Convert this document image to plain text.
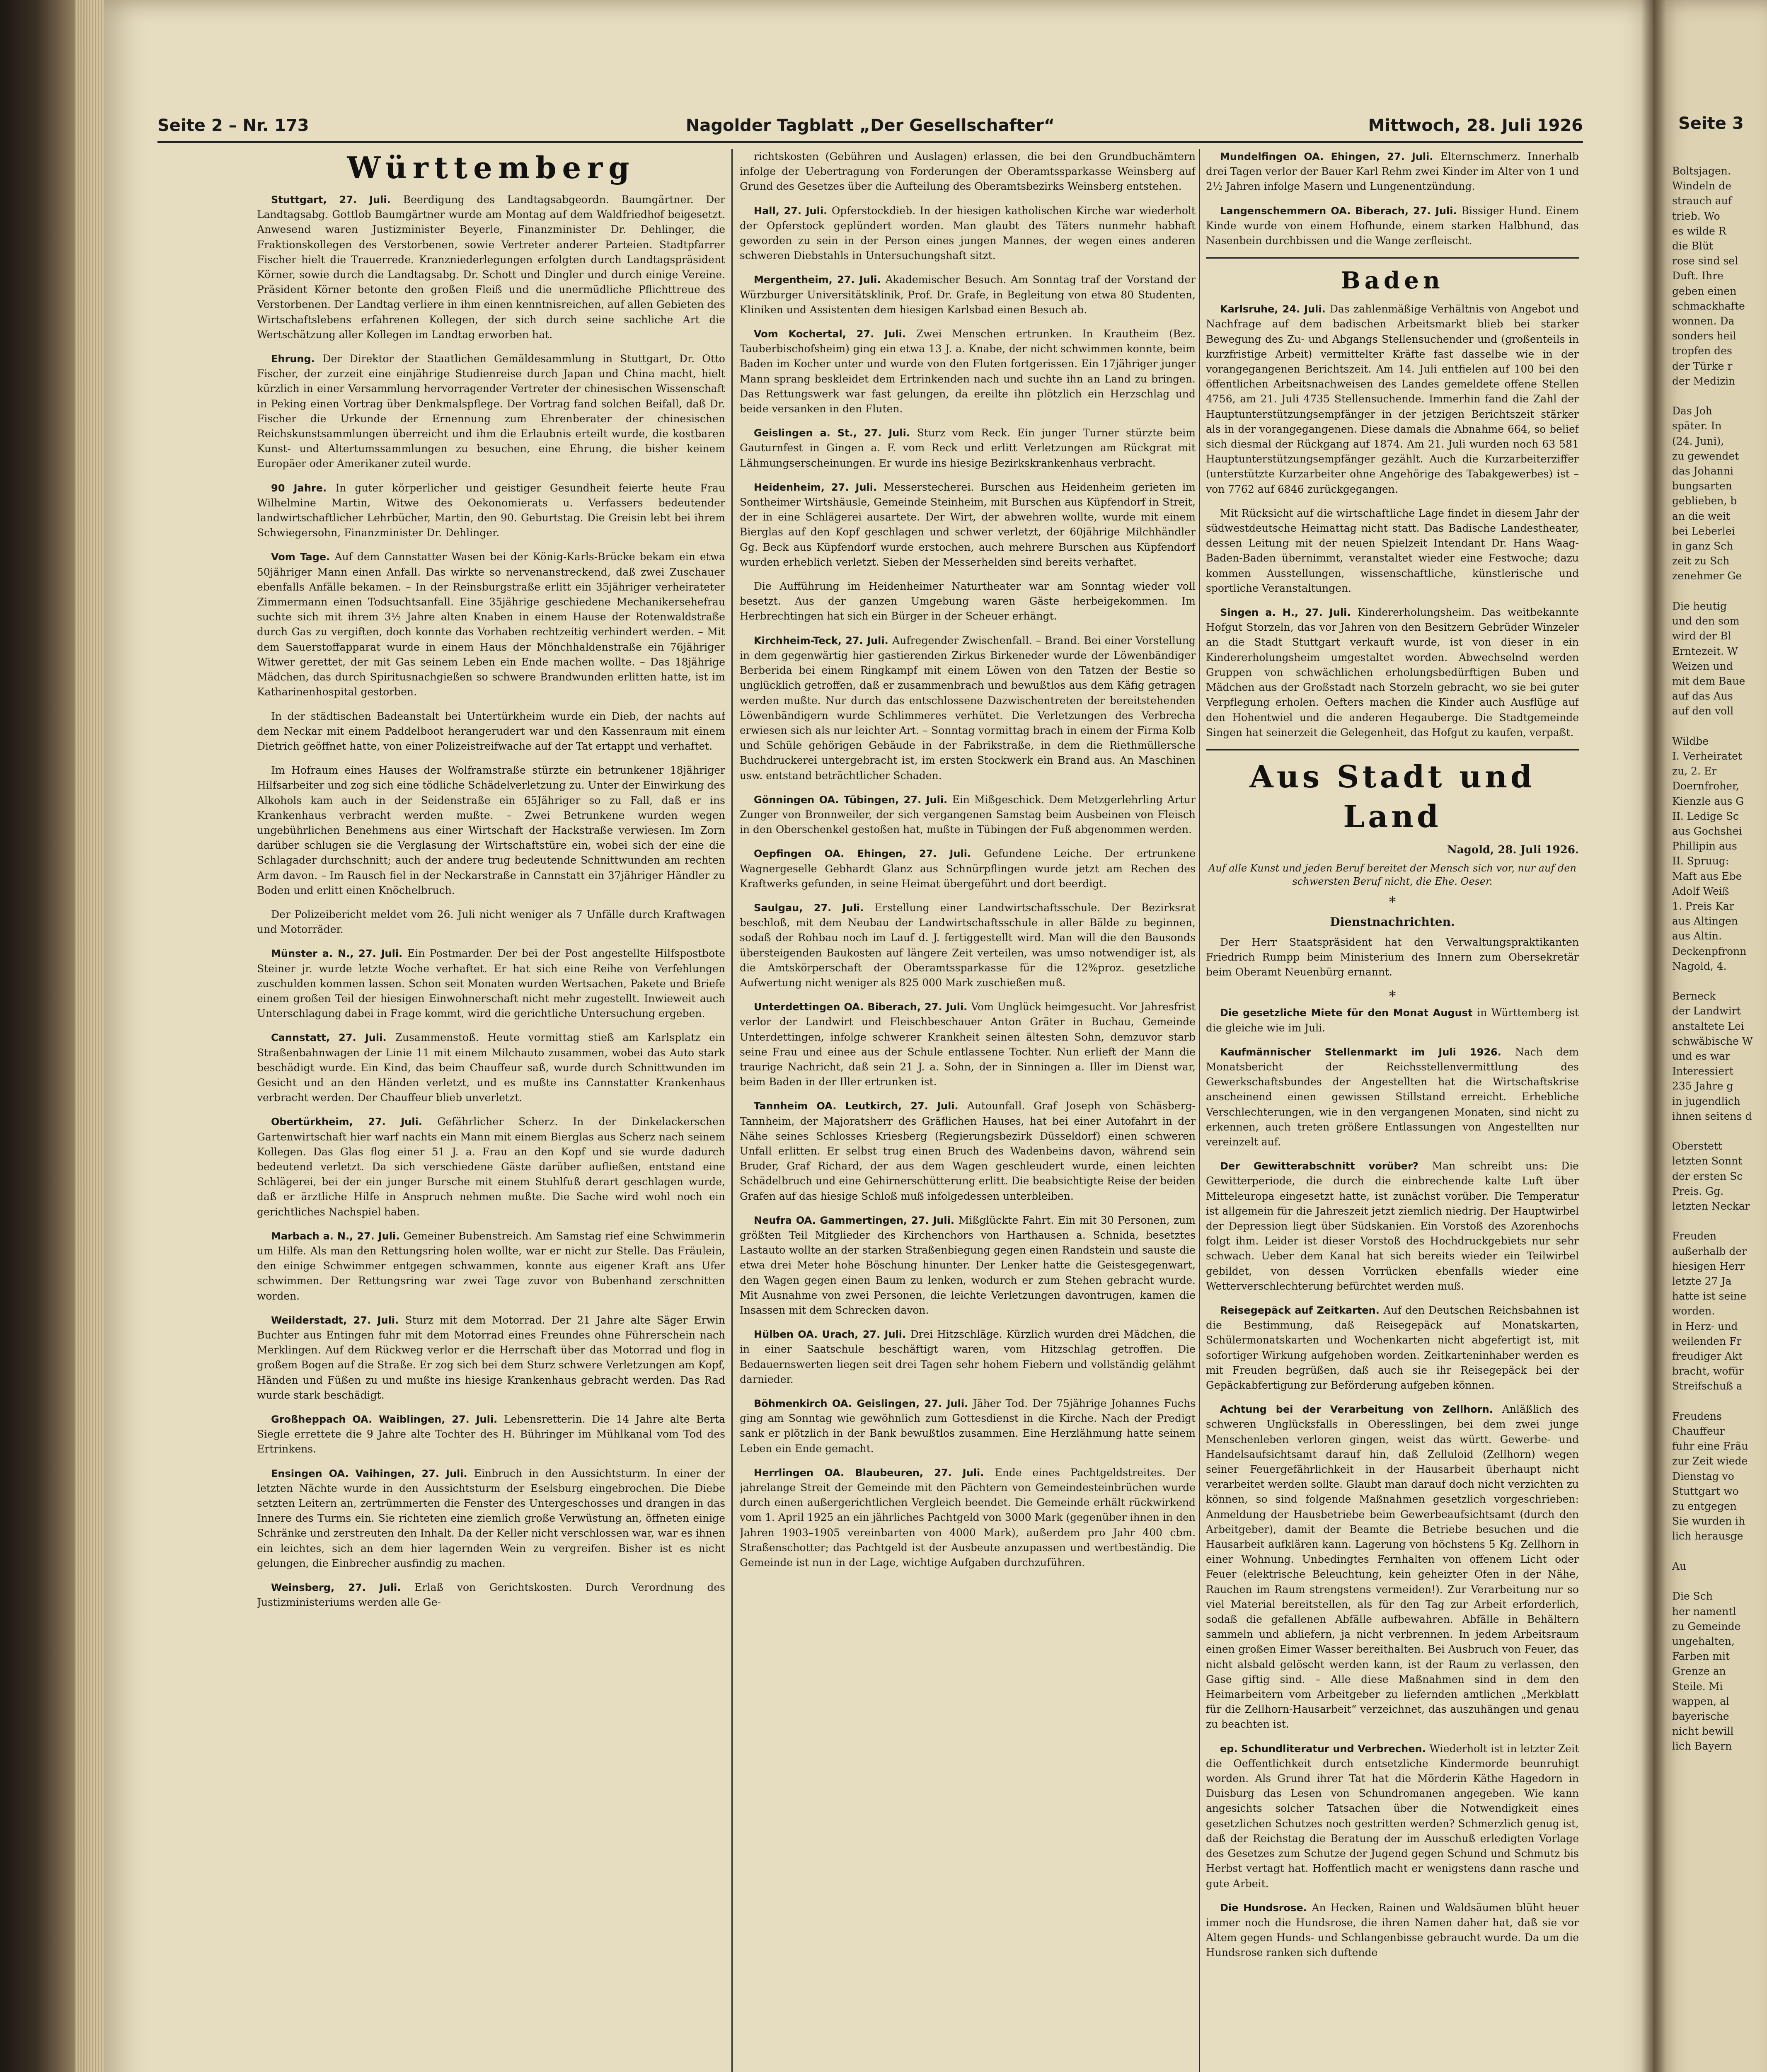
Seite 3
Boltsjagen.
Windeln de
strauch auf
trieb. Wo
es wilde R
die Blüt
rose sind sel
Duft. Ihre
geben einen
schmackhafte
wonnen. Da
sonders heil
tropfen des
der Türke r
der Medizin

Das Joh
später. In
(24. Juni),
zu gewendet
das Johanni
bungsarten
geblieben, b
an die weit
bei Leberlei
in ganz Sch
zeit zu Sch
zenehmer Ge

Die heutig
und den som
wird der Bl
Erntezeit. W
Weizen und
mit dem Baue
auf das Aus
auf den voll

Wildbe
I. Verheiratet
zu, 2. Er
Doernfroher,
Kienzle aus G
II. Ledige Sc
aus Gochshei
Phillipin aus
II. Spruug:
Maft aus Ebe
Adolf Weiß
1. Preis Kar
aus Altingen
aus Altin.
Deckenpfronn
Nagold, 4.

Berneck
der Landwirt
anstaltete Lei
schwäbische W
und es war
Interessiert
235 Jahre g
in jugendlich
ihnen seitens d

Oberstett
letzten Sonnt
der ersten Sc
Preis. Gg.
letzten Neckar

Freuden
außerhalb der
hiesigen Herr
letzte 27 Ja
hatte ist seine
worden.
in Herz- und
weilenden Fr
freudiger Akt
bracht, wofür
Streifschuß a

Freudens
Chauffeur
fuhr eine Fräu
zur Zeit wiede
Dienstag vo
Stuttgart wo
zu entgegen
Sie wurden ih
lich herausge

Au

Die Sch
her namentl
zu Gemeinde
ungehalten,
Farben mit
Grenze an
Steile. Mi
wappen, al
bayerische
nicht bewill
lich Bayern
Seite 2 – Nr. 173	Nagolder Tagblatt „Der Gesellschafter“	Mittwoch, 28. Juli 1926
Württemberg

Stuttgart, 27. Juli. Beerdigung des Landtagsabgeordn. Baumgärtner. Der Landtagsabg. Gottlob Baumgärtner wurde am Montag auf dem Waldfriedhof beigesetzt. Anwesend waren Justizminister Beyerle, Finanzminister Dr. Dehlinger, die Fraktionskollegen des Verstorbenen, sowie Vertreter anderer Parteien. Stadtpfarrer Fischer hielt die Trauerrede. Kranzniederlegungen erfolgten durch Landtagspräsident Körner, sowie durch die Landtagsabg. Dr. Schott und Dingler und durch einige Vereine. Präsident Körner betonte den großen Fleiß und die unermüdliche Pflichttreue des Verstorbenen. Der Landtag verliere in ihm einen kenntnisreichen, auf allen Gebieten des Wirtschaftslebens erfahrenen Kollegen, der sich durch seine sachliche Art die Wertschätzung aller Kollegen im Landtag erworben hat.

Ehrung. Der Direktor der Staatlichen Gemäldesammlung in Stuttgart, Dr. Otto Fischer, der zurzeit eine einjährige Studienreise durch Japan und China macht, hielt kürzlich in einer Versammlung hervorragender Vertreter der chinesischen Wissenschaft in Peking einen Vortrag über Denkmalspflege. Der Vortrag fand solchen Beifall, daß Dr. Fischer die Urkunde der Ernennung zum Ehrenberater der chinesischen Reichskunstsammlungen überreicht und ihm die Erlaubnis erteilt wurde, die kostbaren Kunst- und Altertumssammlungen zu besuchen, eine Ehrung, die bisher keinem Europäer oder Amerikaner zuteil wurde.

90 Jahre. In guter körperlicher und geistiger Gesundheit feierte heute Frau Wilhelmine Martin, Witwe des Oekonomierats u. Verfassers bedeutender landwirtschaftlicher Lehrbücher, Martin, den 90. Geburtstag. Die Greisin lebt bei ihrem Schwiegersohn, Finanzminister Dr. Dehlinger.

Vom Tage. Auf dem Cannstatter Wasen bei der König-Karls-Brücke bekam ein etwa 50jähriger Mann einen Anfall. Das wirkte so nervenanstreckend, daß zwei Zuschauer ebenfalls Anfälle bekamen. – In der Reinsburgstraße erlitt ein 35jähriger verheirateter Zimmermann einen Todsuchtsanfall. Eine 35jährige geschiedene Mechanikersehefrau suchte sich mit ihrem 3½ Jahre alten Knaben in einem Hause der Rotenwaldstraße durch Gas zu vergiften, doch konnte das Vorhaben rechtzeitig verhindert werden. – Mit dem Sauerstoffapparat wurde in einem Haus der Mönchhaldenstraße ein 76jähriger Witwer gerettet, der mit Gas seinem Leben ein Ende machen wollte. – Das 18jährige Mädchen, das durch Spiritusnachgießen so schwere Brandwunden erlitten hatte, ist im Katharinenhospital gestorben.

In der städtischen Badeanstalt bei Untertürkheim wurde ein Dieb, der nachts auf dem Neckar mit einem Paddelboot herangerudert war und den Kassenraum mit einem Dietrich geöffnet hatte, von einer Polizeistreifwache auf der Tat ertappt und verhaftet.

Im Hofraum eines Hauses der Wolframstraße stürzte ein betrunkener 18jähriger Hilfsarbeiter und zog sich eine tödliche Schädelverletzung zu. Unter der Einwirkung des Alkohols kam auch in der Seidenstraße ein 65Jähriger so zu Fall, daß er ins Krankenhaus verbracht werden mußte. – Zwei Betrunkene wurden wegen ungebührlichen Benehmens aus einer Wirtschaft der Hackstraße verwiesen. Im Zorn darüber schlugen sie die Verglasung der Wirtschaftstüre ein, wobei sich der eine die Schlagader durchschnitt; auch der andere trug bedeutende Schnittwunden am rechten Arm davon. – Im Rausch fiel in der Neckarstraße in Cannstatt ein 37jähriger Händler zu Boden und erlitt einen Knöchelbruch.

Der Polizeibericht meldet vom 26. Juli nicht weniger als 7 Unfälle durch Kraftwagen und Motorräder.

Münster a. N., 27. Juli. Ein Postmarder. Der bei der Post angestellte Hilfspostbote Steiner jr. wurde letzte Woche verhaftet. Er hat sich eine Reihe von Verfehlungen zuschulden kommen lassen. Schon seit Monaten wurden Wertsachen, Pakete und Briefe einem großen Teil der hiesigen Einwohnerschaft nicht mehr zugestellt. Inwieweit auch Unterschlagung dabei in Frage kommt, wird die gerichtliche Untersuchung ergeben.

Cannstatt, 27. Juli. Zusammenstoß. Heute vormittag stieß am Karlsplatz ein Straßenbahnwagen der Linie 11 mit einem Milchauto zusammen, wobei das Auto stark beschädigt wurde. Ein Kind, das beim Chauffeur saß, wurde durch Schnittwunden im Gesicht und an den Händen verletzt, und es mußte ins Cannstatter Krankenhaus verbracht werden. Der Chauffeur blieb unverletzt.

Obertürkheim, 27. Juli. Gefährlicher Scherz. In der Dinkelackerschen Gartenwirtschaft hier warf nachts ein Mann mit einem Bierglas aus Scherz nach seinem Kollegen. Das Glas flog einer 51 J. a. Frau an den Kopf und sie wurde dadurch bedeutend verletzt. Da sich verschiedene Gäste darüber aufließen, entstand eine Schlägerei, bei der ein junger Bursche mit einem Stuhlfuß derart geschlagen wurde, daß er ärztliche Hilfe in Anspruch nehmen mußte. Die Sache wird wohl noch ein gerichtliches Nachspiel haben.

Marbach a. N., 27. Juli. Gemeiner Bubenstreich. Am Samstag rief eine Schwimmerin um Hilfe. Als man den Rettungsring holen wollte, war er nicht zur Stelle. Das Fräulein, den einige Schwimmer entgegen schwammen, konnte aus eigener Kraft ans Ufer schwimmen. Der Rettungsring war zwei Tage zuvor von Bubenhand zerschnitten worden.

Weilderstadt, 27. Juli. Sturz mit dem Motorrad. Der 21 Jahre alte Säger Erwin Buchter aus Entingen fuhr mit dem Motorrad eines Freundes ohne Führerschein nach Merklingen. Auf dem Rückweg verlor er die Herrschaft über das Motorrad und flog in großem Bogen auf die Straße. Er zog sich bei dem Sturz schwere Verletzungen am Kopf, Händen und Füßen zu und mußte ins hiesige Krankenhaus gebracht werden. Das Rad wurde stark beschädigt.

Großheppach OA. Waiblingen, 27. Juli. Lebensretterin. Die 14 Jahre alte Berta Siegle errettete die 9 Jahre alte Tochter des H. Bühringer im Mühlkanal vom Tod des Ertrinkens.

Ensingen OA. Vaihingen, 27. Juli. Einbruch in den Aussichtsturm. In einer der letzten Nächte wurde in den Aussichtsturm der Eselsburg eingebrochen. Die Diebe setzten Leitern an, zertrümmerten die Fenster des Untergeschosses und drangen in das Innere des Turms ein. Sie richteten eine ziemlich große Verwüstung an, öffneten einige Schränke und zerstreuten den Inhalt. Da der Keller nicht verschlossen war, war es ihnen ein leichtes, sich an dem hier lagernden Wein zu vergreifen. Bisher ist es nicht gelungen, die Einbrecher ausfindig zu machen.

Weinsberg, 27. Juli. Erlaß von Gerichtskosten. Durch Verordnung des Justizministeriums werden alle Ge-

richtskosten (Gebühren und Auslagen) erlassen, die bei den Grundbuchämtern infolge der Uebertragung von Forderungen der Oberamtssparkasse Weinsberg auf Grund des Gesetzes über die Aufteilung des Oberamtsbezirks Weinsberg entstehen.

Hall, 27. Juli. Opferstockdieb. In der hiesigen katholischen Kirche war wiederholt der Opferstock geplündert worden. Man glaubt des Täters nunmehr habhaft geworden zu sein in der Person eines jungen Mannes, der wegen eines anderen schweren Diebstahls in Untersuchungshaft sitzt.

Mergentheim, 27. Juli. Akademischer Besuch. Am Sonntag traf der Vorstand der Würzburger Universitätsklinik, Prof. Dr. Grafe, in Begleitung von etwa 80 Studenten, Kliniken und Assistenten dem hiesigen Karlsbad einen Besuch ab.

Vom Kochertal, 27. Juli. Zwei Menschen ertrunken. In Krautheim (Bez. Tauberbischofsheim) ging ein etwa 13 J. a. Knabe, der nicht schwimmen konnte, beim Baden im Kocher unter und wurde von den Fluten fortgerissen. Ein 17jähriger junger Mann sprang beskleidet dem Ertrinkenden nach und suchte ihn an Land zu bringen. Das Rettungswerk war fast gelungen, da ereilte ihn plötzlich ein Herzschlag und beide versanken in den Fluten.

Geislingen a. St., 27. Juli. Sturz vom Reck. Ein junger Turner stürzte beim Gauturnfest in Gingen a. F. vom Reck und erlitt Verletzungen am Rückgrat mit Lähmungserscheinungen. Er wurde ins hiesige Bezirkskrankenhaus verbracht.

Heidenheim, 27. Juli. Messerstecherei. Burschen aus Heidenheim gerieten im Sontheimer Wirtshäusle, Gemeinde Steinheim, mit Burschen aus Küpfendorf in Streit, der in eine Schlägerei ausartete. Der Wirt, der abwehren wollte, wurde mit einem Bierglas auf den Kopf geschlagen und schwer verletzt, der 60jährige Milchhändler Gg. Beck aus Küpfendorf wurde erstochen, auch mehrere Burschen aus Küpfendorf wurden erheblich verletzt. Sieben der Messerhelden sind bereits verhaftet.

Die Aufführung im Heidenheimer Naturtheater war am Sonntag wieder voll besetzt. Aus der ganzen Umgebung waren Gäste herbeigekommen. Im Herbrechtingen hat sich ein Bürger in der Scheuer erhängt.

Kirchheim-Teck, 27. Juli. Aufregender Zwischenfall. – Brand. Bei einer Vorstellung in dem gegenwärtig hier gastierenden Zirkus Birkeneder wurde der Löwenbändiger Berberida bei einem Ringkampf mit einem Löwen von den Tatzen der Bestie so unglücklich getroffen, daß er zusammenbrach und bewußtlos aus dem Käfig getragen werden mußte. Nur durch das entschlossene Dazwischentreten der bereitstehenden Löwenbändigern wurde Schlimmeres verhütet. Die Verletzungen des Verbrecha erwiesen sich als nur leichter Art. – Sonntag vormittag brach in einem der Firma Kolb und Schüle gehörigen Gebäude in der Fabrikstraße, in dem die Riethmüllersche Buchdruckerei untergebracht ist, im ersten Stockwerk ein Brand aus. An Maschinen usw. entstand beträchtlicher Schaden.

Gönningen OA. Tübingen, 27. Juli. Ein Mißgeschick. Dem Metzgerlehrling Artur Zunger von Bronnweiler, der sich vergangenen Samstag beim Ausbeinen von Fleisch in den Oberschenkel gestoßen hat, mußte in Tübingen der Fuß abgenommen werden.

Oepfingen OA. Ehingen, 27. Juli. Gefundene Leiche. Der ertrunkene Wagnergeselle Gebhardt Glanz aus Schnürpflingen wurde jetzt am Rechen des Kraftwerks gefunden, in seine Heimat übergeführt und dort beerdigt.

Saulgau, 27. Juli. Erstellung einer Landwirtschaftsschule. Der Bezirksrat beschloß, mit dem Neubau der Landwirtschaftsschule in aller Bälde zu beginnen, sodaß der Rohbau noch im Lauf d. J. fertiggestellt wird. Man will die den Bausonds übersteigenden Baukosten auf längere Zeit verteilen, was umso notwendiger ist, als die Amtskörperschaft der Oberamtssparkasse für die 12%proz. gesetzliche Aufwertung nicht weniger als 825 000 Mark zuschießen muß.

Unterdettingen OA. Biberach, 27. Juli. Vom Unglück heimgesucht. Vor Jahresfrist verlor der Landwirt und Fleischbeschauer Anton Gräter in Buchau, Gemeinde Unterdettingen, infolge schwerer Krankheit seinen ältesten Sohn, demzuvor starb seine Frau und einee aus der Schule entlassene Tochter. Nun erlieft der Mann die traurige Nachricht, daß sein 21 J. a. Sohn, der in Sinningen a. Iller im Dienst war, beim Baden in der Iller ertrunken ist.

Tannheim OA. Leutkirch, 27. Juli. Autounfall. Graf Joseph von Schäsberg-Tannheim, der Majoratsherr des Gräflichen Hauses, hat bei einer Autofahrt in der Nähe seines Schlosses Kriesberg (Regierungsbezirk Düsseldorf) einen schweren Unfall erlitten. Er selbst trug einen Bruch des Wadenbeins davon, während sein Bruder, Graf Richard, der aus dem Wagen geschleudert wurde, einen leichten Schädelbruch und eine Gehirnerschütterung erlitt. Die beabsichtigte Reise der beiden Grafen auf das hiesige Schloß muß infolgedessen unterbleiben.

Neufra OA. Gammertingen, 27. Juli. Mißglückte Fahrt. Ein mit 30 Personen, zum größten Teil Mitglieder des Kirchenchors von Harthausen a. Schnida, besetztes Lastauto wollte an der starken Straßenbiegung gegen einen Randstein und sauste die etwa drei Meter hohe Böschung hinunter. Der Lenker hatte die Geistesgegenwart, den Wagen gegen einen Baum zu lenken, wodurch er zum Stehen gebracht wurde. Mit Ausnahme von zwei Personen, die leichte Verletzungen davontrugen, kamen die Insassen mit dem Schrecken davon.

Hülben OA. Urach, 27. Juli. Drei Hitzschläge. Kürzlich wurden drei Mädchen, die in einer Saatschule beschäftigt waren, vom Hitzschlag getroffen. Die Bedauernswerten liegen seit drei Tagen sehr hohem Fiebern und vollständig gelähmt darnieder.

Böhmenkirch OA. Geislingen, 27. Juli. Jäher Tod. Der 75jährige Johannes Fuchs ging am Sonntag wie gewöhnlich zum Gottesdienst in die Kirche. Nach der Predigt sank er plötzlich in der Bank bewußtlos zusammen. Eine Herzlähmung hatte seinem Leben ein Ende gemacht.

Herrlingen OA. Blaubeuren, 27. Juli. Ende eines Pachtgeldstreites. Der jahrelange Streit der Gemeinde mit den Pächtern von Gemeindesteinbrüchen wurde durch einen außergerichtlichen Vergleich beendet. Die Gemeinde erhält rückwirkend vom 1. April 1925 an ein jährliches Pachtgeld von 3000 Mark (gegenüber ihnen in den Jahren 1903–1905 vereinbarten von 4000 Mark), außerdem pro Jahr 400 cbm. Straßenschotter; das Pachtgeld ist der Ausbeute anzupassen und wertbeständig. Die Gemeinde ist nun in der Lage, wichtige Aufgaben durchzuführen.

Mundelfingen OA. Ehingen, 27. Juli. Elternschmerz. Innerhalb drei Tagen verlor der Bauer Karl Rehm zwei Kinder im Alter von 1 und 2½ Jahren infolge Masern und Lungenentzündung.

Langenschemmern OA. Biberach, 27. Juli. Bissiger Hund. Einem Kinde wurde von einem Hofhunde, einem starken Halbhund, das Nasenbein durchbissen und die Wange zerfleischt.

Baden

Karlsruhe, 24. Juli. Das zahlenmäßige Verhältnis von Angebot und Nachfrage auf dem badischen Arbeitsmarkt blieb bei starker Bewegung des Zu- und Abgangs Stellensuchender und (großenteils in kurzfristige Arbeit) vermittelter Kräfte fast dasselbe wie in der vorangegangenen Berichtszeit. Am 14. Juli entfielen auf 100 bei den öffentlichen Arbeitsnachweisen des Landes gemeldete offene Stellen 4756, am 21. Juli 4735 Stellensuchende. Immerhin fand die Zahl der Hauptunterstützungsempfänger in der jetzigen Berichtszeit stärker als in der vorangegangenen. Diese damals die Abnahme 664, so belief sich diesmal der Rückgang auf 1874. Am 21. Juli wurden noch 63 581 Hauptunterstützungsempfänger gezählt. Auch die Kurzarbeiterziffer (unterstützte Kurzarbeiter ohne Angehörige des Tabakgewerbes) ist – von 7762 auf 6846 zurückgegangen.

Mit Rücksicht auf die wirtschaftliche Lage findet in diesem Jahr der südwestdeutsche Heimattag nicht statt. Das Badische Landestheater, dessen Leitung mit der neuen Spielzeit Intendant Dr. Hans Waag-Baden-Baden übernimmt, veranstaltet wieder eine Festwoche; dazu kommen Ausstellungen, wissenschaftliche, künstlerische und sportliche Veranstaltungen.

Singen a. H., 27. Juli. Kindererholungsheim. Das weitbekannte Hofgut Storzeln, das vor Jahren von den Besitzern Gebrüder Winzeler an die Stadt Stuttgart verkauft wurde, ist von dieser in ein Kindererholungsheim umgestaltet worden. Abwechselnd werden Gruppen von schwächlichen erholungsbedürftigen Buben und Mädchen aus der Großstadt nach Storzeln gebracht, wo sie bei guter Verpflegung erholen. Oefters machen die Kinder auch Ausflüge auf den Hohentwiel und die anderen Hegauberge. Die Stadtgemeinde Singen hat seinerzeit die Gelegenheit, das Hofgut zu kaufen, verpaßt.

Aus Stadt und Land
Nagold, 28. Juli 1926.
Auf alle Kunst und jeden Beruf bereitet der Mensch sich vor, nur auf den schwersten Beruf nicht, die Ehe. Oeser.
*
Dienstnachrichten.

Der Herr Staatspräsident hat den Verwaltungspraktikanten Friedrich Rumpp beim Ministerium des Innern zum Obersekretär beim Oberamt Neuenbürg ernannt.

*

Die gesetzliche Miete für den Monat August in Württemberg ist die gleiche wie im Juli.

Kaufmännischer Stellenmarkt im Juli 1926. Nach dem Monatsbericht der Reichsstellenvermittlung des Gewerkschaftsbundes der Angestellten hat die Wirtschaftskrise anscheinend einen gewissen Stillstand erreicht. Erhebliche Verschlechterungen, wie in den vergangenen Monaten, sind nicht zu erkennen, auch treten größere Entlassungen von Angestellten nur vereinzelt auf.

Der Gewitterabschnitt vorüber? Man schreibt uns: Die Gewitterperiode, die durch die einbrechende kalte Luft über Mitteleuropa eingesetzt hatte, ist zunächst vorüber. Die Temperatur ist allgemein für die Jahreszeit jetzt ziemlich niedrig. Der Hauptwirbel der Depression liegt über Südskanien. Ein Vorstoß des Azorenhochs folgt ihm. Leider ist dieser Vorstoß des Hochdruckgebiets nur sehr schwach. Ueber dem Kanal hat sich bereits wieder ein Teilwirbel gebildet, von dessen Vorrücken ebenfalls wieder eine Wetterverschlechterung befürchtet werden muß.

Reisegepäck auf Zeitkarten. Auf den Deutschen Reichsbahnen ist die Bestimmung, daß Reisegepäck auf Monatskarten, Schülermonatskarten und Wochenkarten nicht abgefertigt ist, mit sofortiger Wirkung aufgehoben worden. Zeitkarteninhaber werden es mit Freuden begrüßen, daß auch sie ihr Reisegepäck bei der Gepäckabfertigung zur Beförderung aufgeben können.

Achtung bei der Verarbeitung von Zellhorn. Anläßlich des schweren Unglücksfalls in Oberesslingen, bei dem zwei junge Menschenleben verloren gingen, weist das württ. Gewerbe- und Handelsaufsichtsamt darauf hin, daß Zelluloid (Zellhorn) wegen seiner Feuergefährlichkeit in der Hausarbeit überhaupt nicht verarbeitet werden sollte. Glaubt man darauf doch nicht verzichten zu können, so sind folgende Maßnahmen gesetzlich vorgeschrieben: Anmeldung der Hausbetriebe beim Gewerbeaufsichtsamt (durch den Arbeitgeber), damit der Beamte die Betriebe besuchen und die Hausarbeit aufklären kann. Lagerung von höchstens 5 Kg. Zellhorn in einer Wohnung. Unbedingtes Fernhalten von offenem Licht oder Feuer (elektrische Beleuchtung, kein geheizter Ofen in der Nähe, Rauchen im Raum strengstens vermeiden!). Zur Verarbeitung nur so viel Material bereitstellen, als für den Tag zur Arbeit erforderlich, sodaß die gefallenen Abfälle aufbewahren. Abfälle in Behältern sammeln und abliefern, ja nicht verbrennen. In jedem Arbeitsraum einen großen Eimer Wasser bereithalten. Bei Ausbruch von Feuer, das nicht alsbald gelöscht werden kann, ist der Raum zu verlassen, den Gase giftig sind. – Alle diese Maßnahmen sind in dem den Heimarbeitern vom Arbeitgeber zu liefernden amtlichen „Merkblatt für die Zellhorn-Hausarbeit“ verzeichnet, das auszuhängen und genau zu beachten ist.

ep. Schundliteratur und Verbrechen. Wiederholt ist in letzter Zeit die Oeffentlichkeit durch entsetzliche Kindermorde beunruhigt worden. Als Grund ihrer Tat hat die Mörderin Käthe Hagedorn in Duisburg das Lesen von Schundromanen angegeben. Wie kann angesichts solcher Tatsachen über die Notwendigkeit eines gesetzlichen Schutzes noch gestritten werden? Schmerzlich genug ist, daß der Reichstag die Beratung der im Ausschuß erledigten Vorlage des Gesetzes zum Schutze der Jugend gegen Schund und Schmutz bis Herbst vertagt hat. Hoffentlich macht er wenigstens dann rasche und gute Arbeit.

Die Hundsrose. An Hecken, Rainen und Waldsäumen blüht heuer immer noch die Hundsrose, die ihren Namen daher hat, daß sie vor Altem gegen Hunds- und Schlangenbisse gebraucht wurde. Da um die Hundsrose ranken sich duftende
